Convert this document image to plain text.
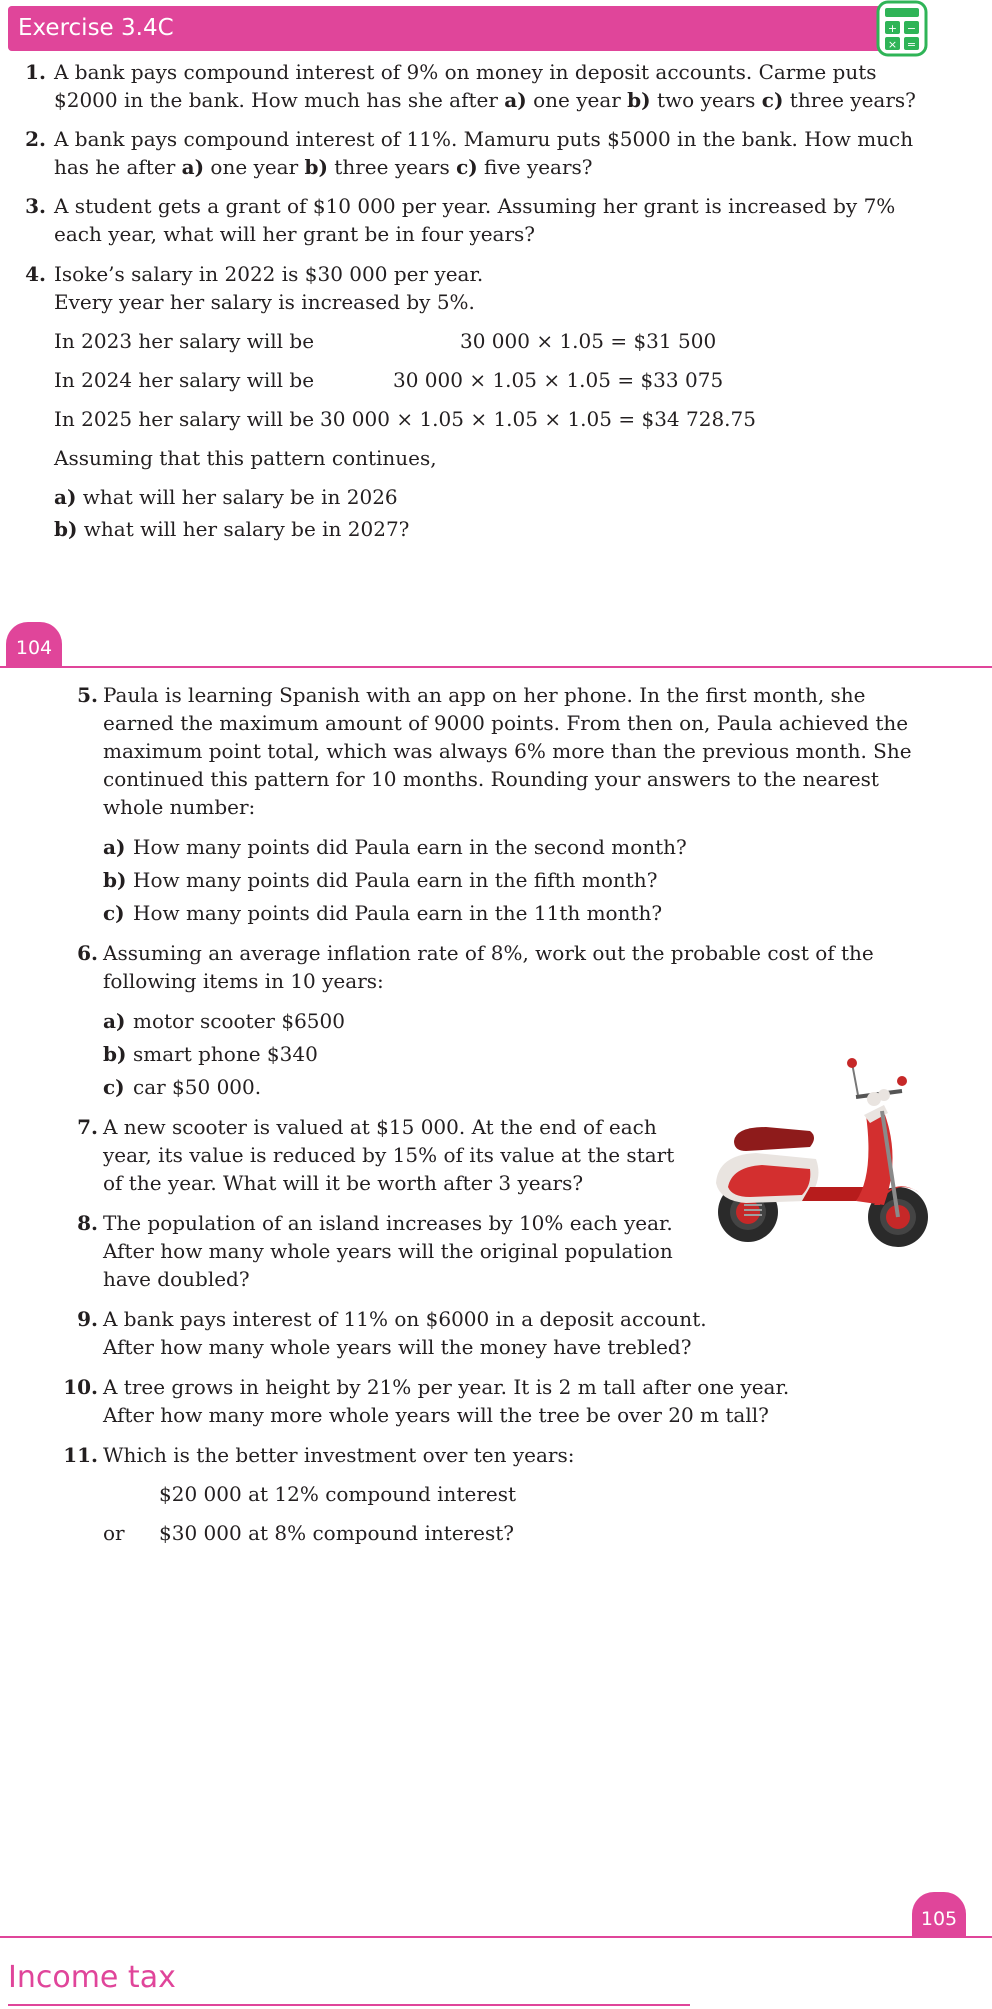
Exercise 3.4C	+ −
× =
1. A bank pays compound interest of 9% on money in deposit accounts. Carme puts
$2000 in the bank. How much has she after a) one year b) two years c) three years?
2. A bank pays compound interest of 11%. Mamuru puts $5000 in the bank. How much
has he after a) one year b) three years c) five years?
3. A student gets a grant of $10 000 per year. Assuming her grant is increased by 7%
each year, what will her grant be in four years?
4. Isoke’s salary in 2022 is $30 000 per year.
Every year her salary is increased by 5%.
In 2023 her salary will be	30 000 × 1.05 = $31 500
In 2024 her salary will be	30 000 × 1.05 × 1.05 = $33 075
In 2025 her salary will be 30 000 × 1.05 × 1.05 × 1.05 = $34 728.75
Assuming that this pattern continues,
a) what will her salary be in 2026
b) what will her salary be in 2027?
104
5. Paula is learning Spanish with an app on her phone. In the first month, she
earned the maximum amount of 9000 points. From then on, Paula achieved the
maximum point total, which was always 6% more than the previous month. She
continued this pattern for 10 months. Rounding your answers to the nearest
whole number:
a) How many points did Paula earn in the second month?
b) How many points did Paula earn in the fifth month?
c) How many points did Paula earn in the 11th month?
6. Assuming an average inflation rate of 8%, work out the probable cost of the
following items in 10 years:
a) motor scooter $6500
b) smart phone $340
c) car $50 000.
7. A new scooter is valued at $15 000. At the end of each
year, its value is reduced by 15% of its value at the start
of the year. What will it be worth after 3 years?
8. The population of an island increases by 10% each year.
After how many whole years will the original population
have doubled?
9. A bank pays interest of 11% on $6000 in a deposit account.
After how many whole years will the money have trebled?
10. A tree grows in height by 21% per year. It is 2 m tall after one year.
After how many more whole years will the tree be over 20 m tall?
11. Which is the better investment over ten years:
$20 000 at 12% compound interest
or $30 000 at 8% compound interest?
105
Income tax
